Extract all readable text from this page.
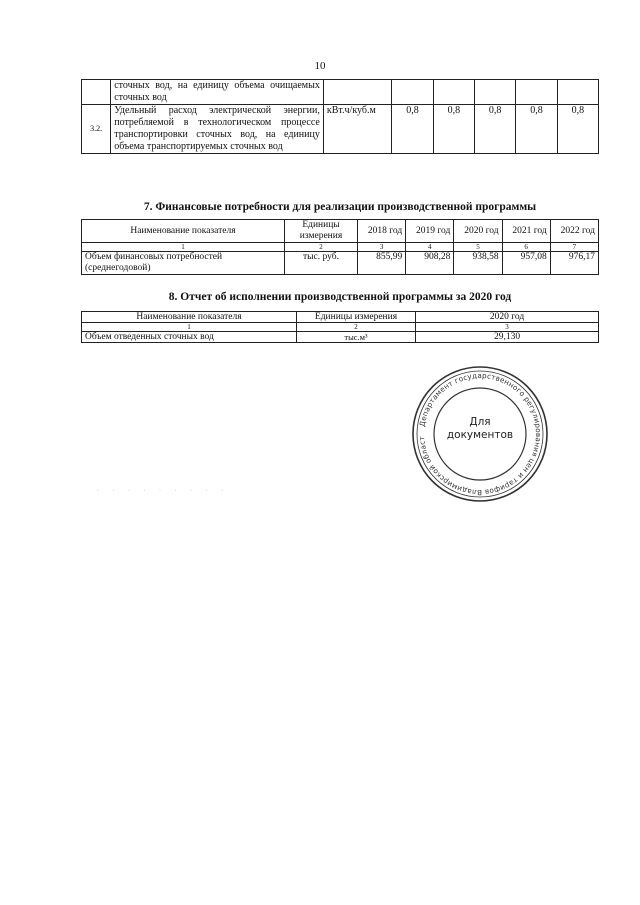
10
	сточных вод, на единицу объема очищаемых сточных вод						
3.2.	Удельный расход электрической энергии, потребляемой в технологическом процессе транспортировки сточных вод, на единицу объема транспортируемых сточных вод	кВт.ч/куб.м	0,8	0,8	0,8	0,8	0,8
7. Финансовые потребности для реализации производственной программы
Наименование показателя	Единицы измерения	2018 год	2019 год	2020 год	2021 год	2022 год
1	2	3	4	5	6	7
Объем финансовых потребностей (среднегодовой)	тыс. руб.	855,99	908,28	938,58	957,08	976,17
8. Отчет об исполнении производственной программы за 2020 год
Наименование показателя	Единицы измерения	2020 год
1	2	3
Объем отведенных сточных вод	тыс.м³	29,130
Департамент государственного регулирования цен и тарифов Владимирской област
Для
документов
· · · · · · · · ·
